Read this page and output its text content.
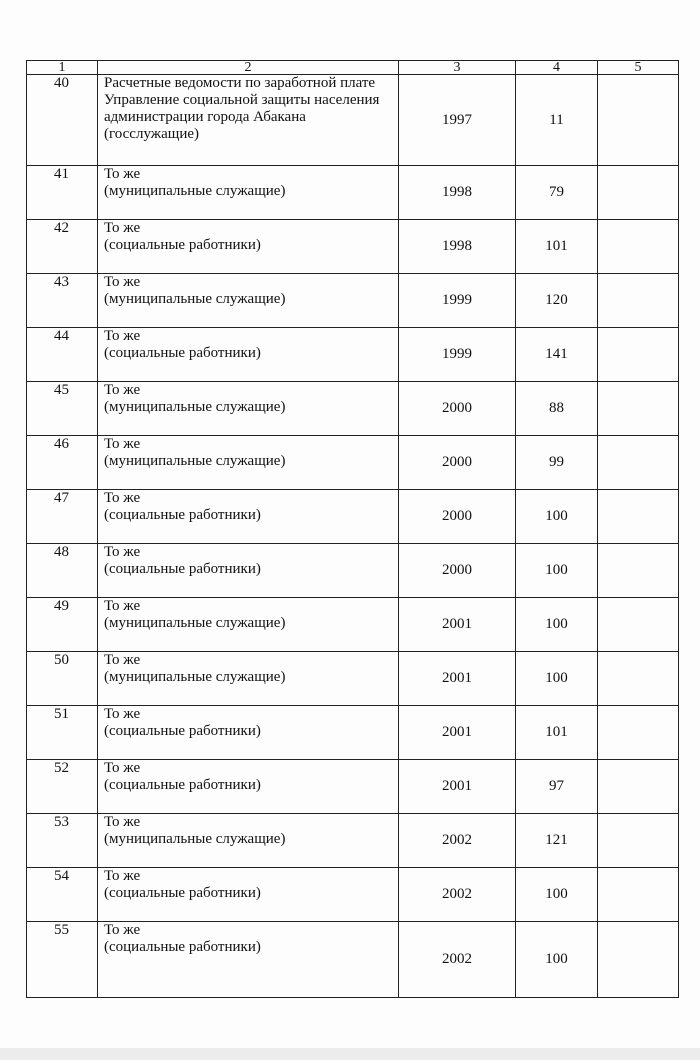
1	2	3	4	5
40	Расчетные ведомости по заработной плате
Управление социальной защиты населения
администрации города Абакана
(госслужащие)	1997	11	
41	То же
(муниципальные служащие)	1998	79	
42	То же
(социальные работники)	1998	101	
43	То же
(муниципальные служащие)	1999	120	
44	То же
(социальные работники)	1999	141	
45	То же
(муниципальные служащие)	2000	88	
46	То же
(муниципальные служащие)	2000	99	
47	То же
(социальные работники)	2000	100	
48	То же
(социальные работники)	2000	100	
49	То же
(муниципальные служащие)	2001	100	
50	То же
(муниципальные служащие)	2001	100	
51	То же
(социальные работники)	2001	101	
52	То же
(социальные работники)	2001	97	
53	То же
(муниципальные служащие)	2002	121	
54	То же
(социальные работники)	2002	100	
55	То же
(социальные работники)	2002	100	
